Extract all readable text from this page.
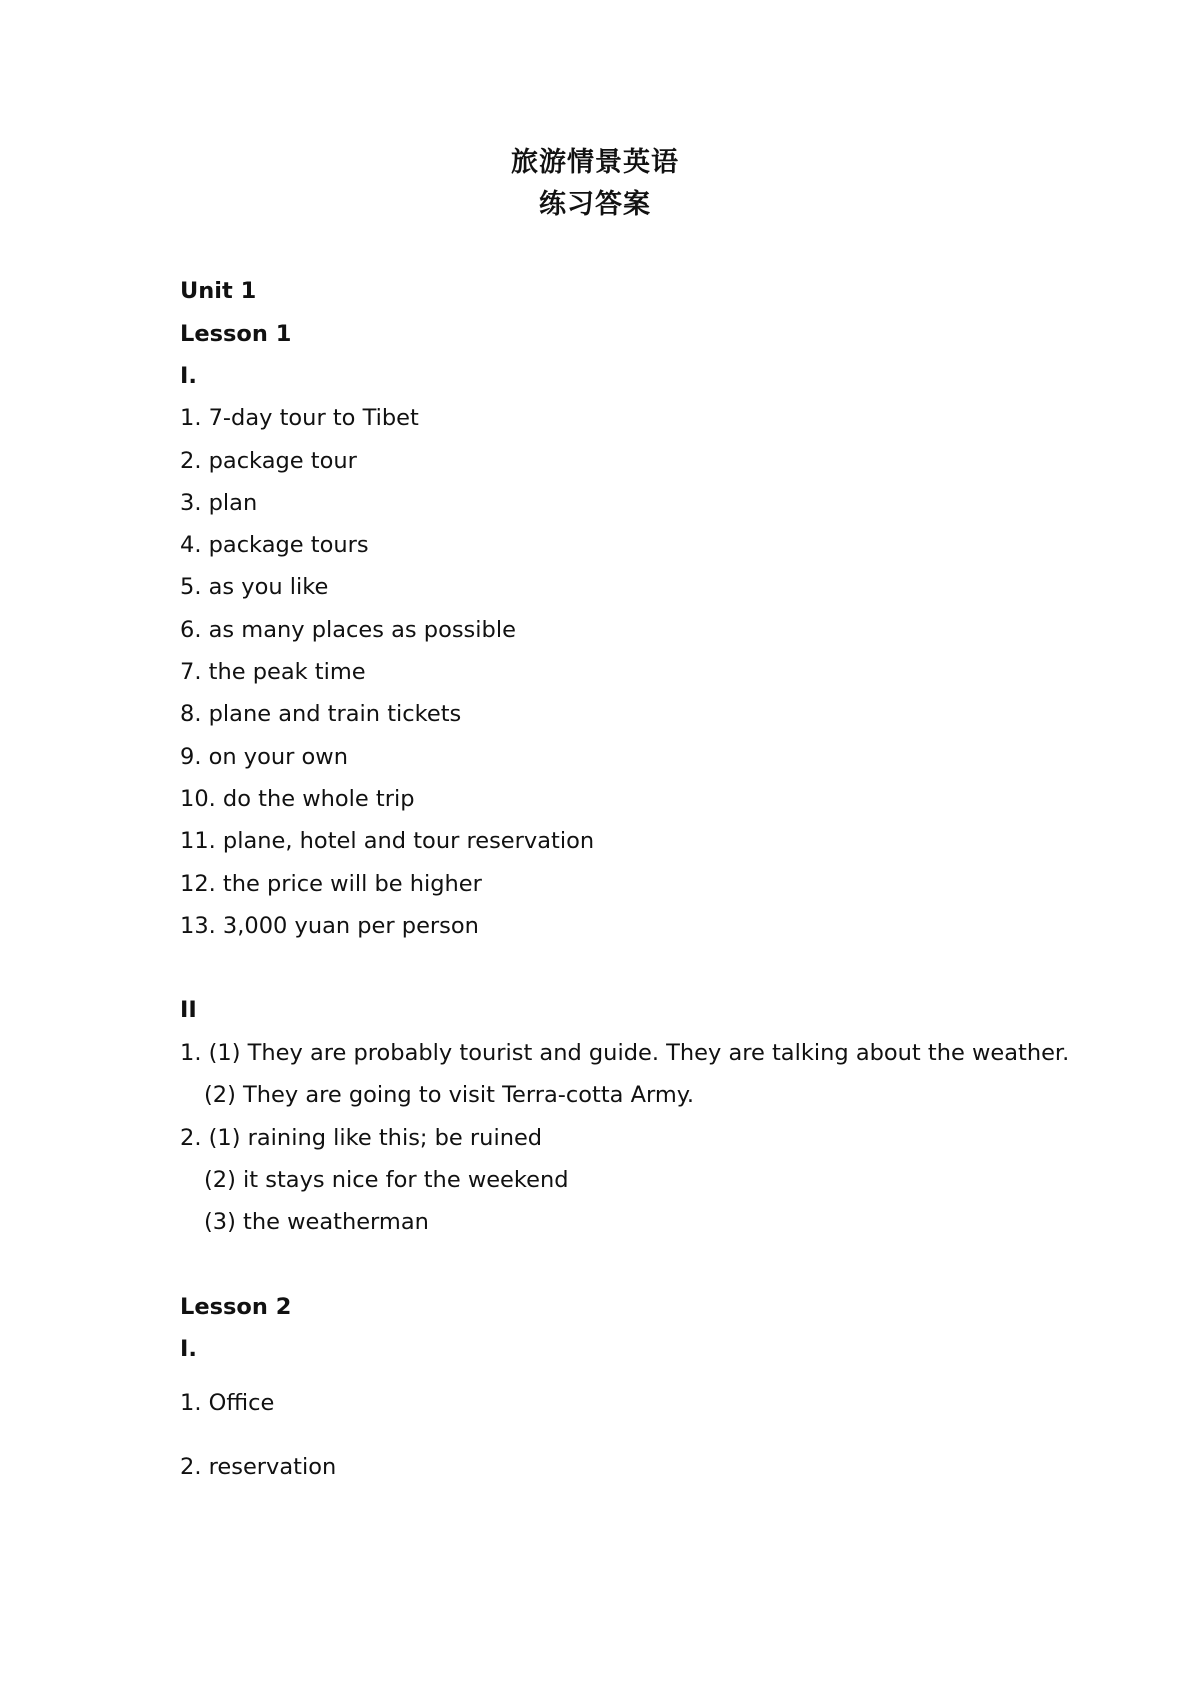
旅游情景英语
练习答案
Unit 1
Lesson 1
I.
1. 7-day tour to Tibet
2. package tour
3. plan
4. package tours
5. as you like
6. as many places as possible
7. the peak time
8. plane and train tickets
9. on your own
10. do the whole trip
11. plane, hotel and tour reservation
12. the price will be higher
13. 3,000 yuan per person
II
1. (1) They are probably tourist and guide. They are talking about the weather.
(2) They are going to visit Terra-cotta Army.
2. (1) raining like this; be ruined
(2) it stays nice for the weekend
(3) the weatherman
Lesson 2
I.
1. Office
2. reservation
